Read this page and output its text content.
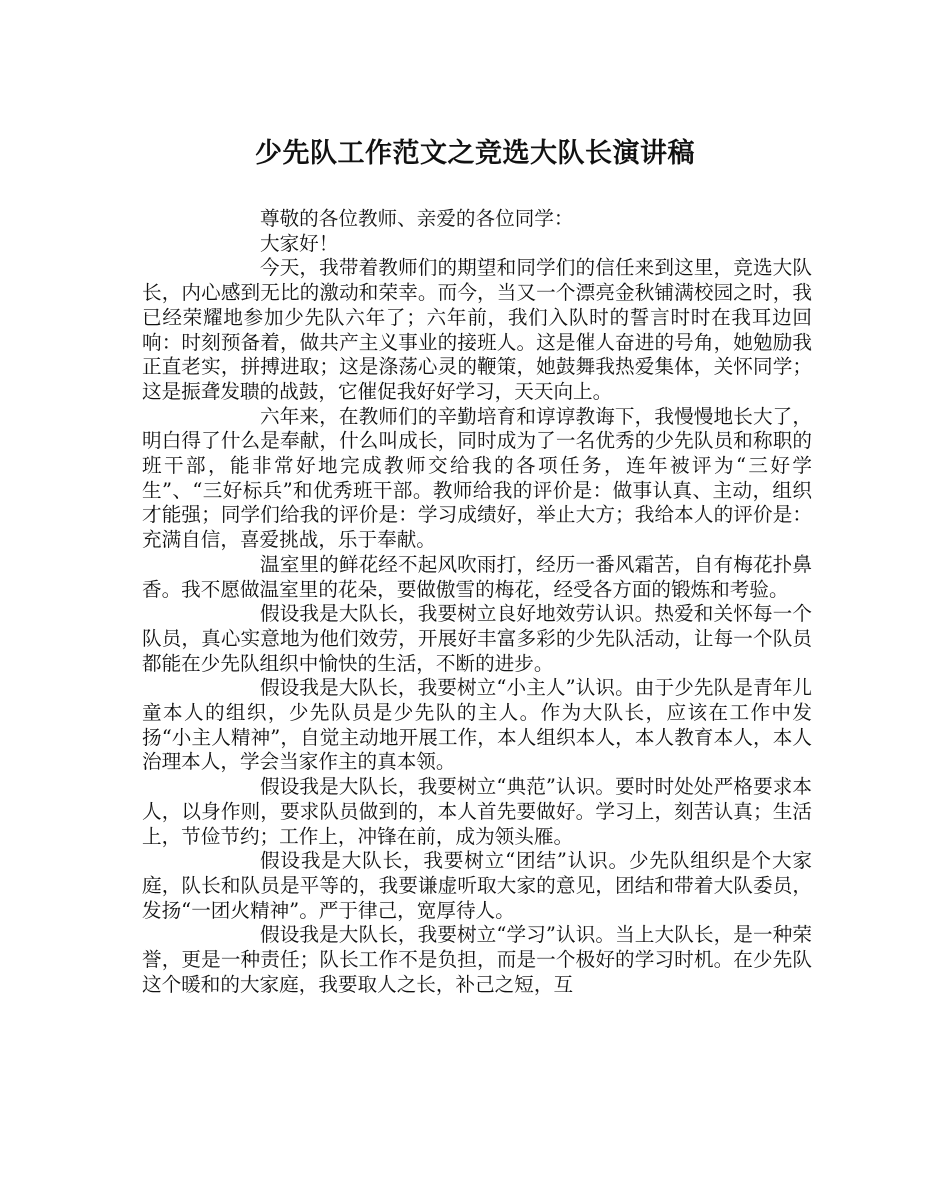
少先队工作范文之竞选大队长演讲稿

尊敬的各位教师、亲爱的各位同学：

大家好！

今天，我带着教师们的期望和同学们的信任来到这里，竞选大队长，内心感到无比的激动和荣幸。而今，当又一个漂亮金秋铺满校园之时，我已经荣耀地参加少先队六年了；六年前，我们入队时的誓言时时在我耳边回响：时刻预备着，做共产主义事业的接班人。这是催人奋进的号角，她勉励我正直老实，拼搏进取；这是涤荡心灵的鞭策，她鼓舞我热爱集体，关怀同学；这是振聋发聩的战鼓，它催促我好好学习，天天向上。

六年来，在教师们的辛勤培育和谆谆教诲下，我慢慢地长大了，明白得了什么是奉献，什么叫成长，同时成为了一名优秀的少先队员和称职的班干部，能非常好地完成教师交给我的各项任务，连年被评为“三好学生”、“三好标兵”和优秀班干部。教师给我的评价是：做事认真、主动，组织才能强；同学们给我的评价是：学习成绩好，举止大方；我给本人的评价是：充满自信，喜爱挑战，乐于奉献。

温室里的鲜花经不起风吹雨打，经历一番风霜苦，自有梅花扑鼻香。我不愿做温室里的花朵，要做傲雪的梅花，经受各方面的锻炼和考验。

假设我是大队长，我要树立良好地效劳认识。热爱和关怀每一个队员，真心实意地为他们效劳，开展好丰富多彩的少先队活动，让每一个队员都能在少先队组织中愉快的生活，不断的进步。

假设我是大队长，我要树立“小主人”认识。由于少先队是青年儿童本人的组织，少先队员是少先队的主人。作为大队长，应该在工作中发扬“小主人精神”，自觉主动地开展工作，本人组织本人，本人教育本人，本人治理本人，学会当家作主的真本领。

假设我是大队长，我要树立“典范”认识。要时时处处严格要求本人，以身作则，要求队员做到的，本人首先要做好。学习上，刻苦认真；生活上，节俭节约；工作上，冲锋在前，成为领头雁。

假设我是大队长，我要树立“团结”认识。少先队组织是个大家庭，队长和队员是平等的，我要谦虚听取大家的意见，团结和带着大队委员，发扬“一团火精神”。严于律己，宽厚待人。

假设我是大队长，我要树立“学习”认识。当上大队长，是一种荣誉，更是一种责任；队长工作不是负担，而是一个极好的学习时机。在少先队这个暖和的大家庭，我要取人之长，补己之短，互
